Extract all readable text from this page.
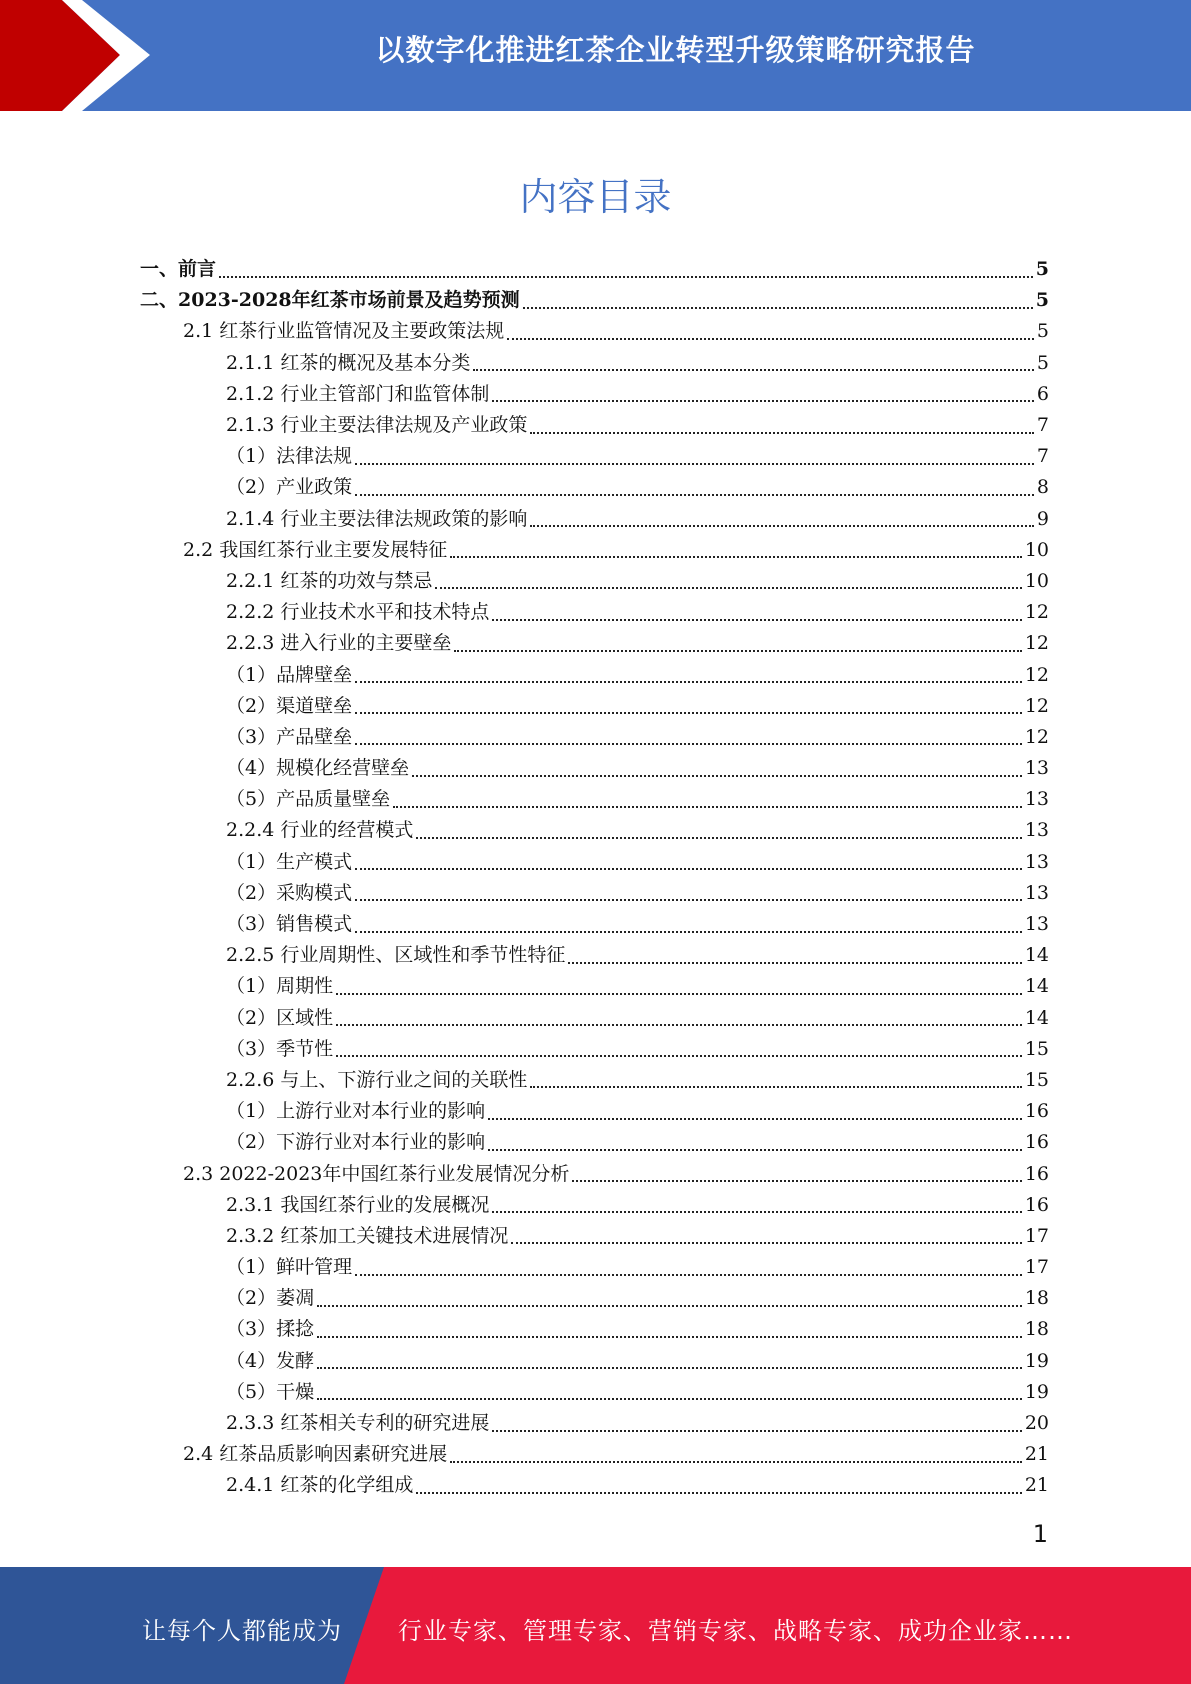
以数字化推进红茶企业转型升级策略研究报告
内容目录
一、前言	5
二、2023-2028年红茶市场前景及趋势预测	5
2.1 红茶行业监管情况及主要政策法规	5
2.1.1 红茶的概况及基本分类	5
2.1.2 行业主管部门和监管体制	6
2.1.3 行业主要法律法规及产业政策	7
（1）法律法规	7
（2）产业政策	8
2.1.4 行业主要法律法规政策的影响	9
2.2 我国红茶行业主要发展特征	10
2.2.1 红茶的功效与禁忌	10
2.2.2 行业技术水平和技术特点	12
2.2.3 进入行业的主要壁垒	12
（1）品牌壁垒	12
（2）渠道壁垒	12
（3）产品壁垒	12
（4）规模化经营壁垒	13
（5）产品质量壁垒	13
2.2.4 行业的经营模式	13
（1）生产模式	13
（2）采购模式	13
（3）销售模式	13
2.2.5 行业周期性、区域性和季节性特征	14
（1）周期性	14
（2）区域性	14
（3）季节性	15
2.2.6 与上、下游行业之间的关联性	15
（1）上游行业对本行业的影响	16
（2）下游行业对本行业的影响	16
2.3 2022-2023年中国红茶行业发展情况分析	16
2.3.1 我国红茶行业的发展概况	16
2.3.2 红茶加工关键技术进展情况	17
（1）鲜叶管理	17
（2）萎凋	18
（3）揉捻	18
（4）发酵	19
（5）干燥	19
2.3.3 红茶相关专利的研究进展	20
2.4 红茶品质影响因素研究进展	21
2.4.1 红茶的化学组成	21
1
让每个人都能成为 行业专家、管理专家、营销专家、战略专家、成功企业家……
